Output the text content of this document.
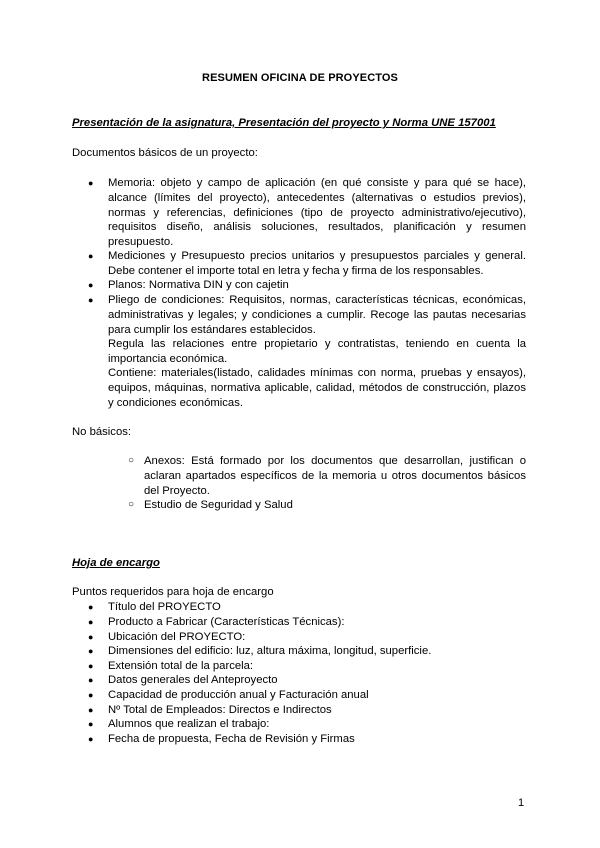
RESUMEN OFICINA DE PROYECTOS
Presentación de la asignatura, Presentación del proyecto y Norma UNE 157001
Documentos básicos de un proyecto:
● Memoria: objeto y campo de aplicación (en qué consiste y para qué se hace), alcance (límites del proyecto), antecedentes (alternativas o estudios previos), normas y referencias, definiciones (tipo de proyecto administrativo/ejecutivo), requisitos diseño, análisis soluciones, resultados, planificación y resumen presupuesto.
● Mediciones y Presupuesto precios unitarios y presupuestos parciales y general. Debe contener el importe total en letra y fecha y firma de los responsables.
● Planos: Normativa DIN y con cajetin
● Pliego de condiciones: Requisitos, normas, características técnicas, económicas, administrativas y legales; y condiciones a cumplir. Recoge las pautas necesarias para cumplir los estándares establecidos.
Regula las relaciones entre propietario y contratistas, teniendo en cuenta la importancia económica.
Contiene: materiales(listado, calidades mínimas con norma, pruebas y ensayos), equipos, máquinas, normativa aplicable, calidad, métodos de construcción, plazos y condiciones económicas.
No básicos:
○ Anexos: Está formado por los documentos que desarrollan, justifican o aclaran apartados específicos de la memoria u otros documentos básicos del Proyecto.
○ Estudio de Seguridad y Salud
Hoja de encargo
Puntos requeridos para hoja de encargo
● Título del PROYECTO
● Producto a Fabricar (Características Técnicas):
● Ubicación del PROYECTO:
● Dimensiones del edificio: luz, altura máxima, longitud, superficie.
● Extensión total de la parcela:
● Datos generales del Anteproyecto
● Capacidad de producción anual y Facturación anual
● Nº Total de Empleados: Directos e Indirectos
● Alumnos que realizan el trabajo:
● Fecha de propuesta, Fecha de Revisión y Firmas
1
